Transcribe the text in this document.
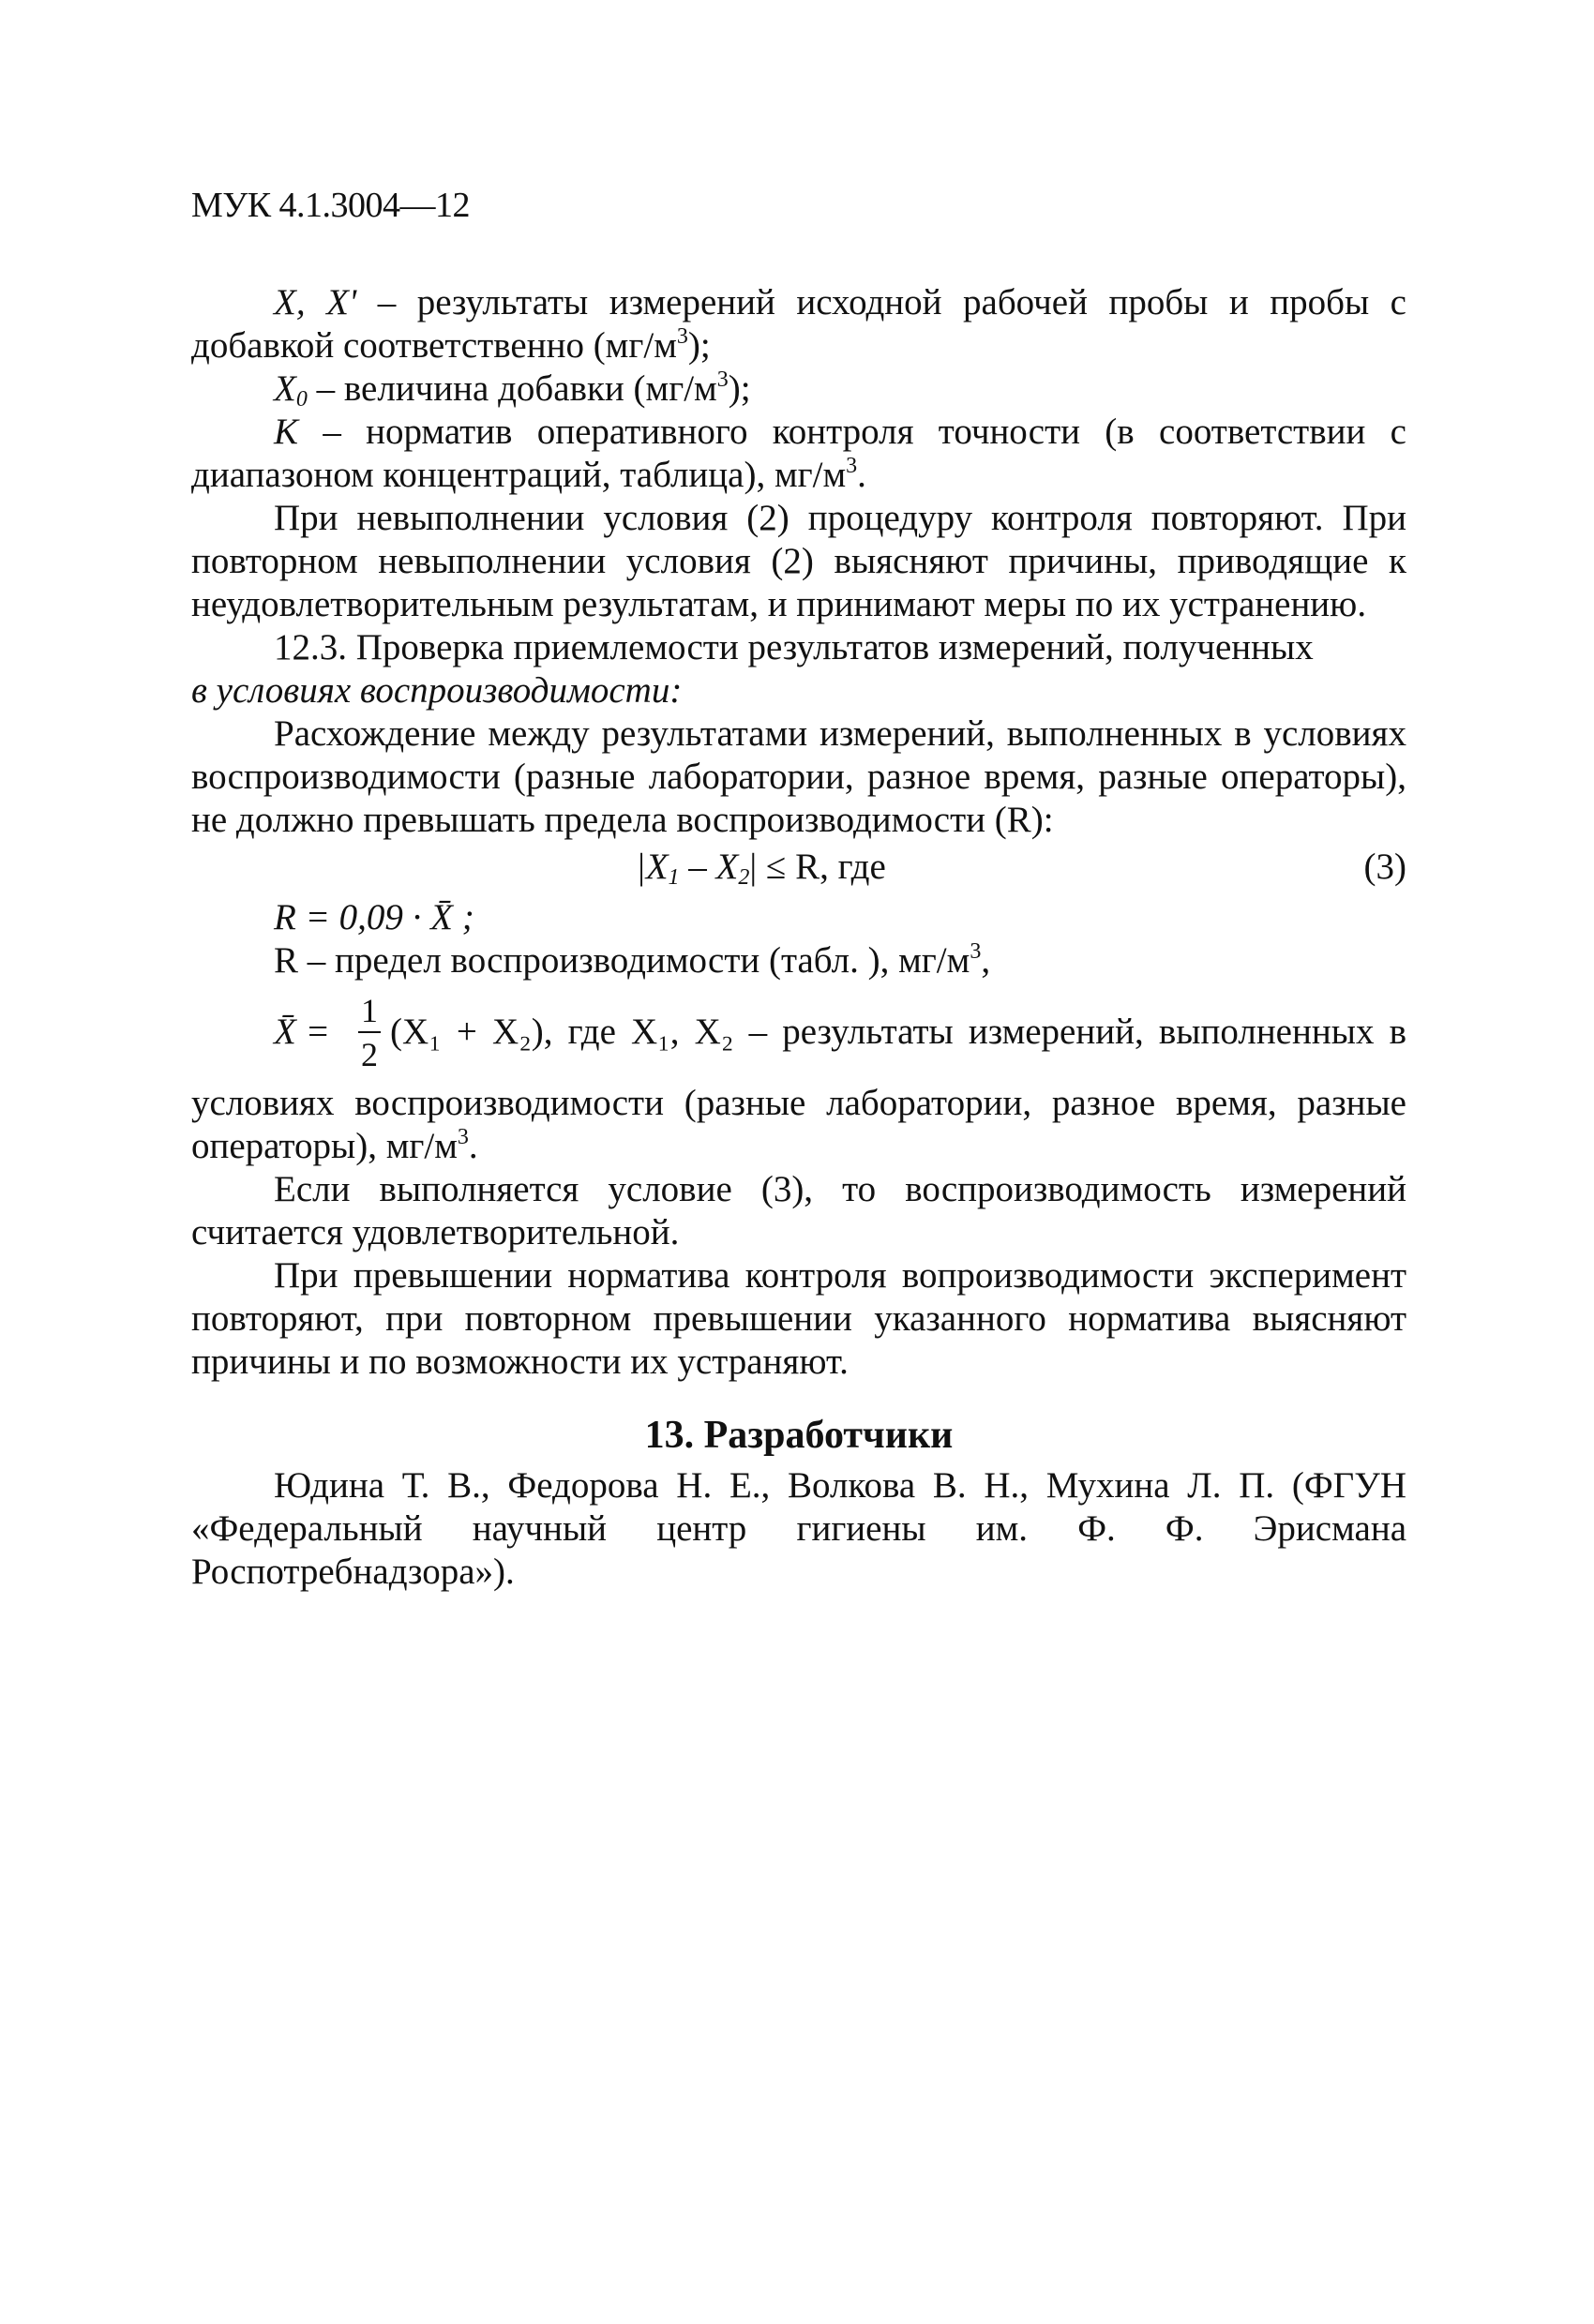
МУК 4.1.3004—12

X, X' – результаты измерений исходной рабочей пробы и пробы с добавкой соответственно $(мг/м^3)$;

$X_0$ – величина добавки $(мг/м^3)$;

K – норматив оперативного контроля точности (в соответствии с диапазоном концентраций, таблица), $мг/м^3$.

При невыполнении условия (2) процедуру контроля повторяют. При повторном невыполнении условия (2) выясняют причины, приводящие к неудовлетворительным результатам, и принимают меры по их устранению.

12.3. Проверка приемлемости результатов измерений, полученных

в условиях воспроизводимости:

Расхождение между результатами измерений, выполненных в условиях воспроизводимости (разные лаборатории, разное время, разные операторы), не должно превышать предела воспроизводимости (R):

$|X_1 - X_2| \le R$, где	(3)

R = 0,09 · X̄ ;

R – предел воспроизводимости (табл. ), $мг/м^3$,

X̄ =
1
2
(X₁ + X₂), где X₁, X₂ – результаты измерений, выполненных в

условиях воспроизводимости (разные лаборатории, разное время, разные операторы), $мг/м^3$.

Если выполняется условие (3), то воспроизводимость измерений считается удовлетворительной.

При превышении норматива контроля вопроизводимости эксперимент повторяют, при повторном превышении указанного норматива выясняют причины и по возможности их устраняют.

13. Разработчики

Юдина Т. В., Федорова Н. Е., Волкова В. Н., Мухина Л. П. (ФГУН «Федеральный научный центр гигиены им. Ф. Ф. Эрисмана Роспотребнадзора»).
